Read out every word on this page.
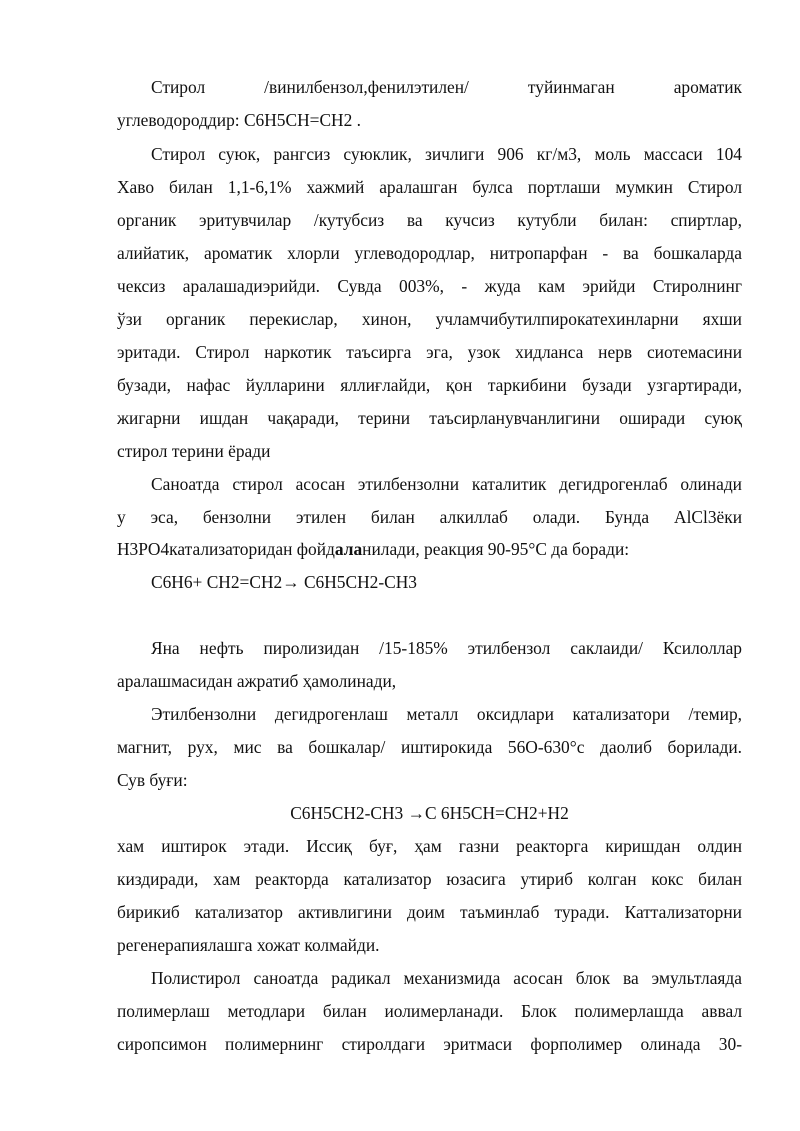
Стирол /винилбензол,фенилэтилен/ туйинмаган ароматик
углеводороддир: C6H5CH=CH2 .
Стирол суюк, рангсиз суюклик, зичлиги 906 кг/м3, моль массаси 104
Хаво билан 1,1-6,1% хажмий аралашган булса портлаши мумкин Стирол
органик эритувчилар /кутубсиз ва кучсиз кутубли билан: спиртлар,
алийатик, ароматик хлорли углеводородлар, нитропарфан - ва бошкаларда
чексиз аралашадиэрийди. Сувда 003%, - жуда кам эрийди Стиролнинг
ўзи органик перекислар, хинон, учламчибутилпирокатехинларни яхши
эритади. Стирол наркотик таъсирга эга, узок хидланса нерв сиотемасини
бузади, нафас йулларини яллиғлайди, қон таркибини бузади узгартиради,
жигарни ишдан чақаради, терини таъсирланувчанлигини оширади суюқ
стирол терини ёради
Саноатда стирол асосан этилбензолни каталитик дегидрогенлаб олинади
у эса, бензолни этилен билан алкиллаб олади. Бунда AlCl3ёки
H3PO4катализаторидан фойдаланилади, реакция 90-95°C да боради:
C6H6+ CH2=CH2→ C6H5CH2-CH3
Яна нефть пиролизидан /15-185% этилбензол саклаиди/ Ксилоллар
аралашмасидан ажратиб ҳамолинади,
Этилбензолни дегидрогенлаш металл оксидлари катализатори /темир,
магнит, рух, мис ва бошкалар/ иштирокида 56О-630°с даолиб борилади.
Сув буғи:
C6H5CH2-CH3 →C 6H5CH=CH2+H2
хам иштирок этади. Иссиқ буғ, ҳам газни реакторга киришдан олдин
киздиради, хам реакторда катализатор юзасига утириб колган кокс билан
бирикиб катализатор активлигини доим таъминлаб туради. Каттализаторни
регенерапиялашга хожат колмайди.
Полистирол саноатда радикал механизмида асосан блок ва эмультлаяда
полимерлаш методлари билан иолимерланади. Блок полимерлашда аввал
сиропсимон полимернинг стиролдаги эритмаси форполимер олинада 30-
